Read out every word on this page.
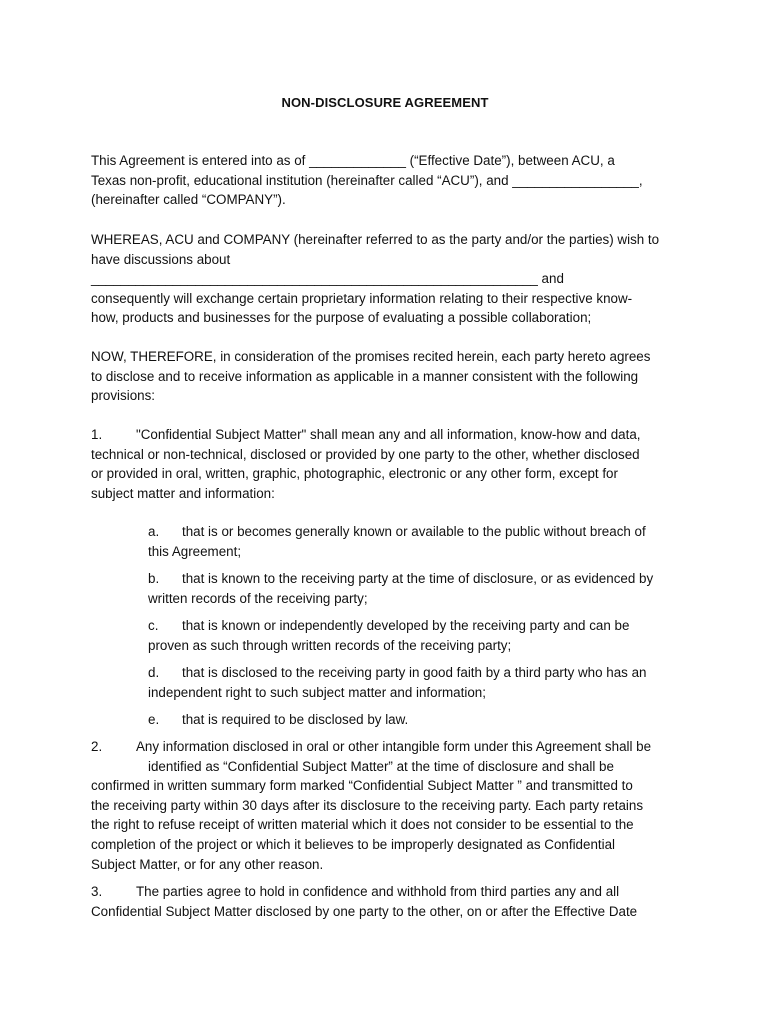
NON-DISCLOSURE AGREEMENT
This Agreement is entered into as of _____________ (“Effective Date”), between ACU, a
Texas non-profit, educational institution (hereinafter called “ACU”), and _________________,
(hereinafter called “COMPANY”).
WHEREAS, ACU and COMPANY (hereinafter referred to as the party and/or the parties) wish to
have discussions about
____________________________________________________________ and
consequently will exchange certain proprietary information relating to their respective know-
how, products and businesses for the purpose of evaluating a possible collaboration;
NOW, THEREFORE, in consideration of the promises recited herein, each party hereto agrees
to disclose and to receive information as applicable in a manner consistent with the following
provisions:
1.	"Confidential Subject Matter" shall mean any and all information, know-how and data,
technical or non-technical, disclosed or provided by one party to the other, whether disclosed
or provided in oral, written, graphic, photographic, electronic or any other form, except for
subject matter and information:
a. that is or becomes generally known or available to the public without breach of
this Agreement;
b. that is known to the receiving party at the time of disclosure, or as evidenced by
written records of the receiving party;
c. that is known or independently developed by the receiving party and can be
proven as such through written records of the receiving party;
d. that is disclosed to the receiving party in good faith by a third party who has an
independent right to such subject matter and information;
e. that is required to be disclosed by law.
2.	Any information disclosed in oral or other intangible form under this Agreement shall be
identified as “Confidential Subject Matter” at the time of disclosure and shall be
confirmed in written summary form marked “Confidential Subject Matter ” and transmitted to
the receiving party within 30 days after its disclosure to the receiving party. Each party retains
the right to refuse receipt of written material which it does not consider to be essential to the
completion of the project or which it believes to be improperly designated as Confidential
Subject Matter, or for any other reason.
3.	The parties agree to hold in confidence and withhold from third parties any and all
Confidential Subject Matter disclosed by one party to the other, on or after the Effective Date
